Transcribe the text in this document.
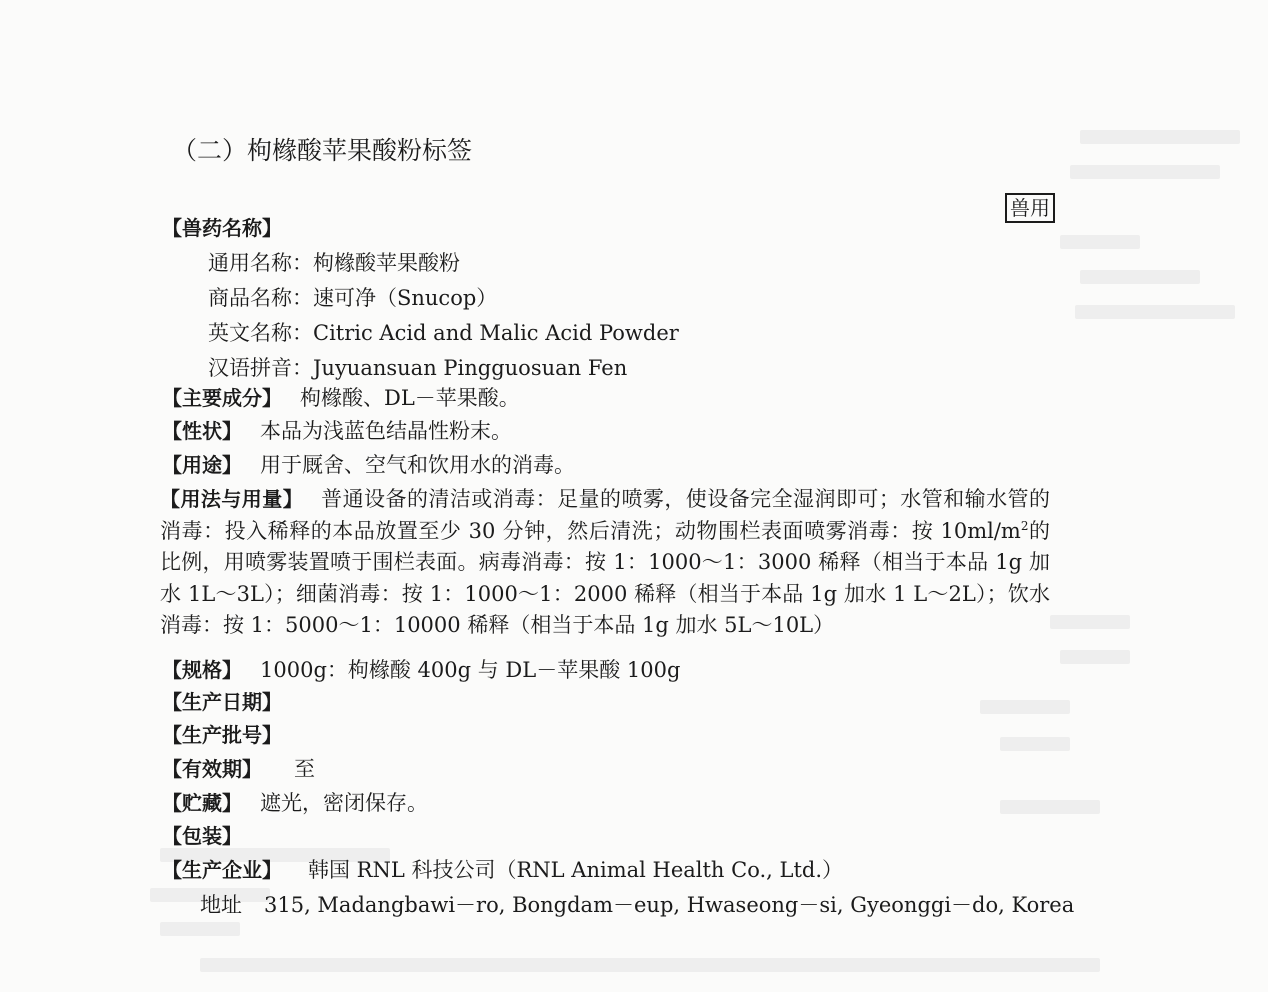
（二）枸橼酸苹果酸粉标签
兽用
【兽药名称】
通用名称：枸橼酸苹果酸粉
商品名称：速可净（Snucop）
英文名称：Citric Acid and Malic Acid Powder
汉语拼音：Juyuansuan Pingguosuan Fen
【主要成分】 枸橼酸、DL－苹果酸。
【性状】 本品为浅蓝色结晶性粉末。
【用途】 用于厩舍、空气和饮用水的消毒。
【用法与用量】 普通设备的清洁或消毒：足量的喷雾，使设备完全湿润即可；水管和输水管的消毒：投入稀释的本品放置至少 30 分钟，然后清洗；动物围栏表面喷雾消毒：按 $10ml/m^2$的比例，用喷雾装置喷于围栏表面。病毒消毒：按 1：1000～1：3000 稀释（相当于本品 1g 加水 1L～3L）；细菌消毒：按 1：1000～1：2000 稀释（相当于本品 1g 加水 1 L～2L）；饮水消毒：按 1：5000～1：10000 稀释（相当于本品 1g 加水 5L～10L）
【规格】 1000g：枸橼酸 400g 与 DL－苹果酸 100g
【生产日期】
【生产批号】
【有效期】 至
【贮藏】 遮光，密闭保存。
【包装】
【生产企业】 韩国 RNL 科技公司（RNL Animal Health Co., Ltd.）
地址 315, Madangbawi－ro, Bongdam－eup, Hwaseong－si, Gyeonggi－do, Korea
